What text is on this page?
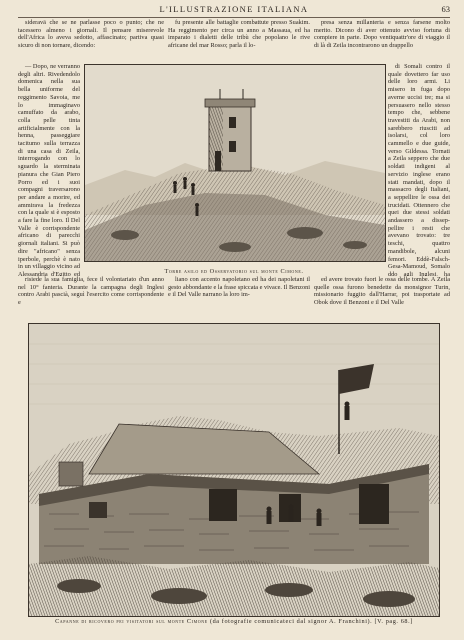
L'ILLUSTRAZIONE ITALIANA	63

sideravā che se ne parlasse poco o punto; che ne tacessero almeno i giornali. Il pensare miserevole dell'Africa lo aveva sedotto, affascinato; partiva quasi sicuro di non tornare, dicendo:

fu presente alle battaglie combattute presso Suakim. Ha reggimento per circa un anno a Massaua, ed ha imparato i dialetti delle tribù che popolano le rive africane del mar Rosso; parla il lo-

presa senza millanteria e senza farsene molto merito. Dicono di aver ottenuto avviso fortuna di compiere in parte. Dopo ventiquattr'ore di viaggio il di là di Zeila incontrarono un drappello

— Dopo, ne verranno degli altri. Rivedendolo domenica nella sua bella uniforme del reggimento Savoia, me lo immaginavo camuffato da arabo, colla pelle tinta artificialmente con la henna, passeggiare tacitumo sulla terrazza di una casa di Zeila, interrogando con lo sguardo la sterminata pianura che Gian Piero Porro ed i suoi compagni traversarono per andare a morire, ed ammirava la fredezza con la quale si è esposto a fare la fine loro. Il Del Valle è corrispondente africano di parecchi giornali italiani. Si può dire "africano" senza iperbole, perchè è nato in un villaggio vicino ad Alessandria d'Egitto ed

di Somali contro il quale dovettero far uso delle loro armi. Li misero in fuga dopo averne uccisi tre; ma si persuasero nello stesso tempo che, sebbene travestiti da Arabi, non sarebbero riusciti ad isolarsi, col loro cammello e due guide, verso Gildessa. Tornati a Zeila seppero che due soldati indigeni al servizio inglese erano stati mandati, dopo il massacro degli Italiani, a seppellire le ossa dei trucidati. Ottennero che quei due stessi soldati andassero a disseppellire i resti che avevano trovato: tre teschi, quattro mandibole, alcuni femori. Eddè-Falsch-Gesa-Mamoud, Somalo ddo agli Inglesi, ha

Torre asilo ed Osservatorio sul monte Cimone.

risiede la sua famiglia, fece il volontariato d'un anno nel 10° fanteria. Durante la campagna degli Inglesi contro Arabi pascià, seguì l'esercito come corrispondente e

liano con accento napoletano ed ha dei napoletani il gesto abbondante e la frase spiccata e vivace. Il Benzoni e il Del Valle narrano la loro im-

ed avere trovato fuori le ossa delle tombe. A Zeila quelle ossa furono benedette da monsignor Turin, missionario fuggito dall'Harrar, poi trasportate ad Obok dove il Benzoni e il Del Valle

Capanne di ricovero pei visitatori sul monte Cimone (da fotografie comunicateci dal signor A. Franchini). [V. pag. 68.]
